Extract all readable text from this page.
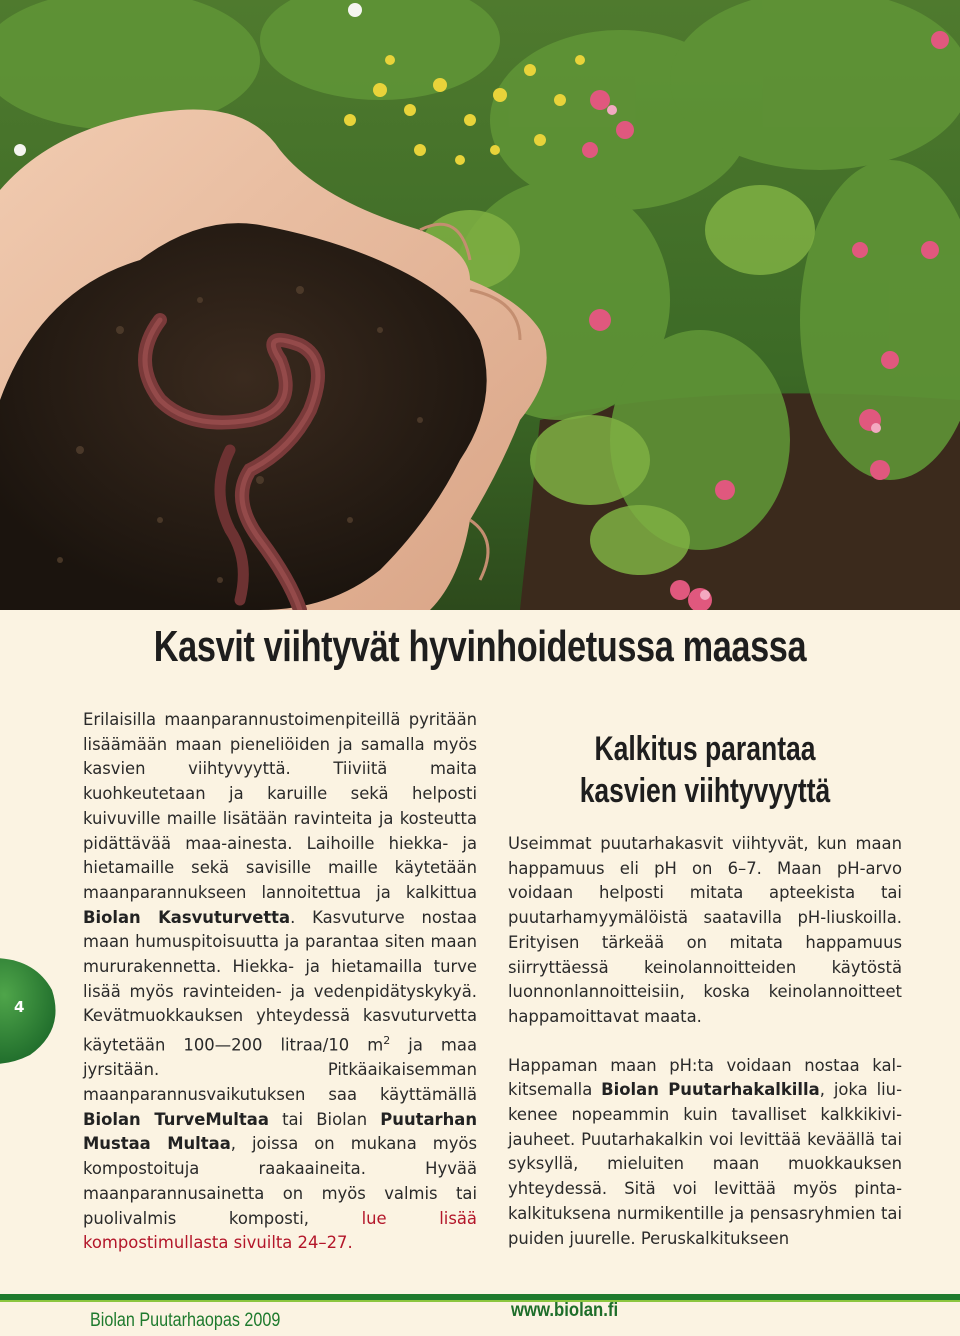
Kasvit viihtyvät hyvinhoidetussa maassa

Erilaisilla maanparannustoimenpiteillä pyritään lisäämään maan pieneliöiden ja samalla myös kasvien viihtyvyyttä. Tiiviitä maita kuohkeutetaan ja karuille sekä helposti kuivuville maille lisätään ravinteita ja kosteutta pidättävää maa-ainesta. Laihoille hiekka- ja hietamaille sekä savisille maille käytetään maanparannukseen lannoitettua ja kalkittua Biolan Kasvuturvetta. Kasvuturve nostaa maan humuspitoisuutta ja parantaa siten maan mururakennetta. Hiekka- ja hietamailla turve lisää myös ravinteiden- ja vedenpidätyskykyä. Kevätmuokkauksen yhteydessä kasvuturvetta käytetään 100—200 litraa/10 $m^2$ ja maa jyrsitään. Pitkäaikaisemman maanparannusvaikutuksen saa käyttämällä Biolan TurveMultaa tai Biolan Puutarhan Mustaa Multaa, joissa on mukana myös kompostoituja raakaaineita. Hyvää maanparannusainetta on myös valmis tai puolivalmis komposti, lue lisää kompostimullasta sivuilta 24–27.

Kalkitus parantaa
kasvien viihtyvyyttä

Useimmat puutarhakasvit viihtyvät, kun maan happamuus eli pH on 6–7. Maan pH-arvo voidaan helposti mitata apteekista tai puutarhamyymälöistä saatavilla pH-liuskoilla. Erityisen tärkeää on mitata happamuus siirryttäessä keinolannoitteiden käytöstä luonnonlannoitteisiin, koska keinolannoitteet happamoittavat maata.

Happaman maan pH:ta voidaan nostaa kalkitsemalla Biolan Puutarhakalkilla, joka liukenee nopeammin kuin tavalliset kalkkikivijauheet. Puutarhakalkin voi levittää keväällä tai syksyllä, mieluiten maan muokkauksen yhteydessä. Sitä voi levittää myös pintakalkituksena nurmikentille ja pensasryhmien tai puiden juurelle. Peruskalkitukseen

4
Biolan Puutarhaopas 2009	www.biolan.fi
